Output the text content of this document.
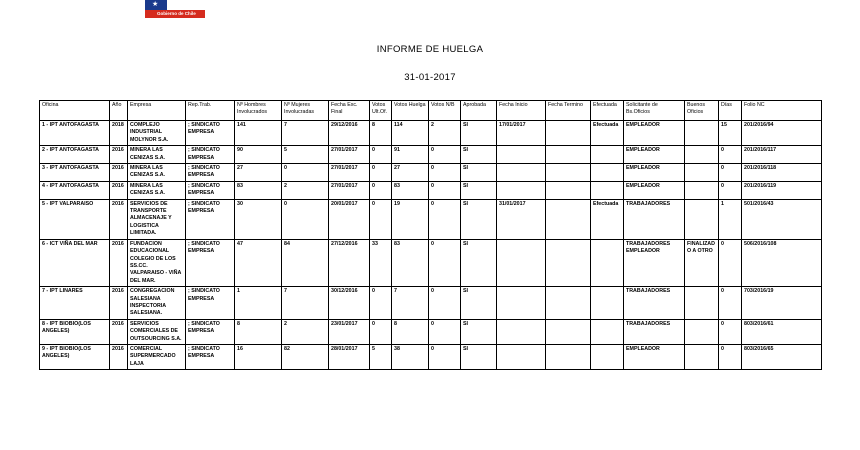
★
Gobierno de Chile
INFORME DE HUELGA
31-01-2017
Oficina	Año	Empresa	Rep.Trab.	Nº Hombres Involucrados	Nº Mujeres Involucradas	Fecha Exc. Final	Votos Ult.Of.	Votos Huelga	Votos N/B	Aprobada	Fecha Inicio	Fecha Termino	Efectuada	Solicitante de Bs.Oficios	Buenos Oficios	Días	Folio NC
1 - IPT ANTOFAGASTA	2018	COMPLEJO INDUSTRIAL MOLYNOR S.A.	; SINDICATO EMPRESA	141	7	29/12/2016	8	114	2	SI	17/01/2017		Efectuada	EMPLEADOR		15	201/2016/94
2 - IPT ANTOFAGASTA	2016	MINERA LAS CENIZAS S.A.	; SINDICATO EMPRESA	90	5	27/01/2017	0	91	0	SI				EMPLEADOR		0	201/2016/117
3 - IPT ANTOFAGASTA	2016	MINERA LAS CENIZAS S.A.	; SINDICATO EMPRESA	27	0	27/01/2017	0	27	0	SI				EMPLEADOR		0	201/2016/118
4 - IPT ANTOFAGASTA	2016	MINERA LAS CENIZAS S.A.	; SINDICATO EMPRESA	83	2	27/01/2017	0	83	0	SI				EMPLEADOR		0	201/2016/119
5 - IPT VALPARAISO	2016	SERVICIOS DE TRANSPORTE ALMACENAJE Y LOGISTICA LIMITADA.	; SINDICATO EMPRESA	30	0	20/01/2017	0	19	0	SI	31/01/2017		Efectuada	TRABAJADORES		1	501/2016/43
6 - ICT VIÑA DEL MAR	2016	FUNDACION EDUCACIONAL COLEGIO DE LOS SS.CC. VALPARAISO - VIÑA DEL MAR.	; SINDICATO EMPRESA	47	84	27/12/2016	33	83	0	SI				TRABAJADORES EMPLEADOR	FINALIZADO A OTRO	0	506/2016/108
7 - IPT LINARES	2016	CONGREGACION SALESIANA INSPECTORIA SALESIANA.	; SINDICATO EMPRESA	1	7	30/12/2016	0	7	0	SI				TRABAJADORES		0	703/2016/19
8 - IPT BIOBIO(LOS ANGELES)	2016	SERVICIOS COMERCIALES DE OUTSOURCING S.A.	; SINDICATO EMPRESA	8	2	23/01/2017	0	8	0	SI				TRABAJADORES		0	803/2016/61
9 - IPT BIOBIO(LOS ANGELES)	2016	COMERCIAL SUPERMERCADO LAJA	; SINDICATO EMPRESA	16	82	28/01/2017	5	38	0	SI				EMPLEADOR		0	803/2016/65
